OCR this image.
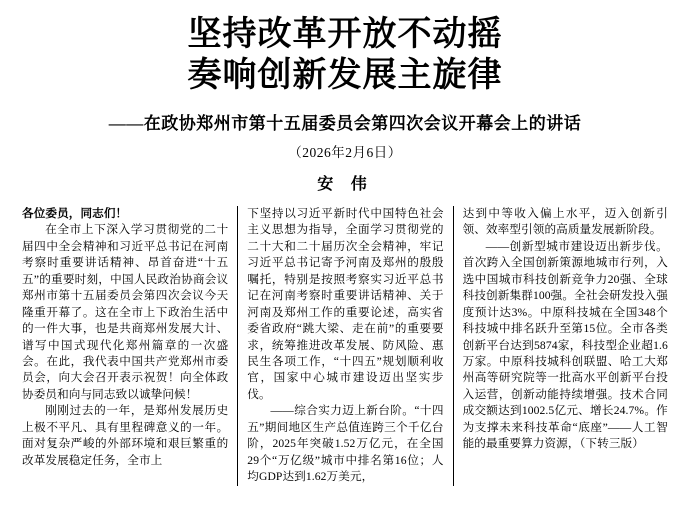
坚持改革开放不动摇
奏响创新发展主旋律
——在政协郑州市第十五届委员会第四次会议开幕会上的讲话
（2026年2月6日）
安 伟

各位委员，同志们！

在全市上下深入学习贯彻党的二十届四中全会精神和习近平总书记在河南考察时重要讲话精神、昂首奋进“十五五”的重要时刻，中国人民政治协商会议郑州市第十五届委员会第四次会议今天隆重开幕了。这在全市上下政治生活中的一件大事，也是共商郑州发展大计、谱写中国式现代化郑州篇章的一次盛会。在此，我代表中国共产党郑州市委员会，向大会召开表示祝贺！向全体政协委员和向与同志致以诚挚问候！

刚刚过去的一年，是郑州发展历史上极不平凡、具有里程碑意义的一年。面对复杂严峻的外部环境和艰巨繁重的改革发展稳定任务，全市上

下坚持以习近平新时代中国特色社会主义思想为指导，全面学习贯彻党的二十大和二十届历次全会精神，牢记习近平总书记寄予河南及郑州的殷殷嘱托，特别是按照考察实习近平总书记在河南考察时重要讲话精神、关于河南及郑州工作的重要论述，高实省委省政府“跳大梁、走在前”的重要要求，统筹推进改革发展、防风险、惠民生各项工作，“十四五”规划顺利收官，国家中心城市建设迈出坚实步伐。

——综合实力迈上新台阶。“十四五”期间地区生产总值连跨三个千亿台阶，2025年突破1.52万亿元，在全国29个“万亿级”城市中排名第16位；人均GDP达到1.62万美元，

达到中等收入偏上水平，迈入创新引领、效率型引领的高质量发展新阶段。

——创新型城市建设迈出新步伐。首次跨入全国创新策源地城市行列，入选中国城市科技创新竞争力20强、全球科技创新集群100强。全社会研发投入强度预计达3%。中原科技城在全国348个科技城中排名跃升至第15位。全市各类创新平台达到5874家，科技型企业超1.6万家。中原科技城科创联盟、哈工大郑州高等研究院等一批高水平创新平台投入运营，创新动能持续增强。技术合同成交额达到1002.5亿元、增长24.7%。作为支撑未来科技革命“底座”——人工智能的最重要算力资源，（下转三版）
